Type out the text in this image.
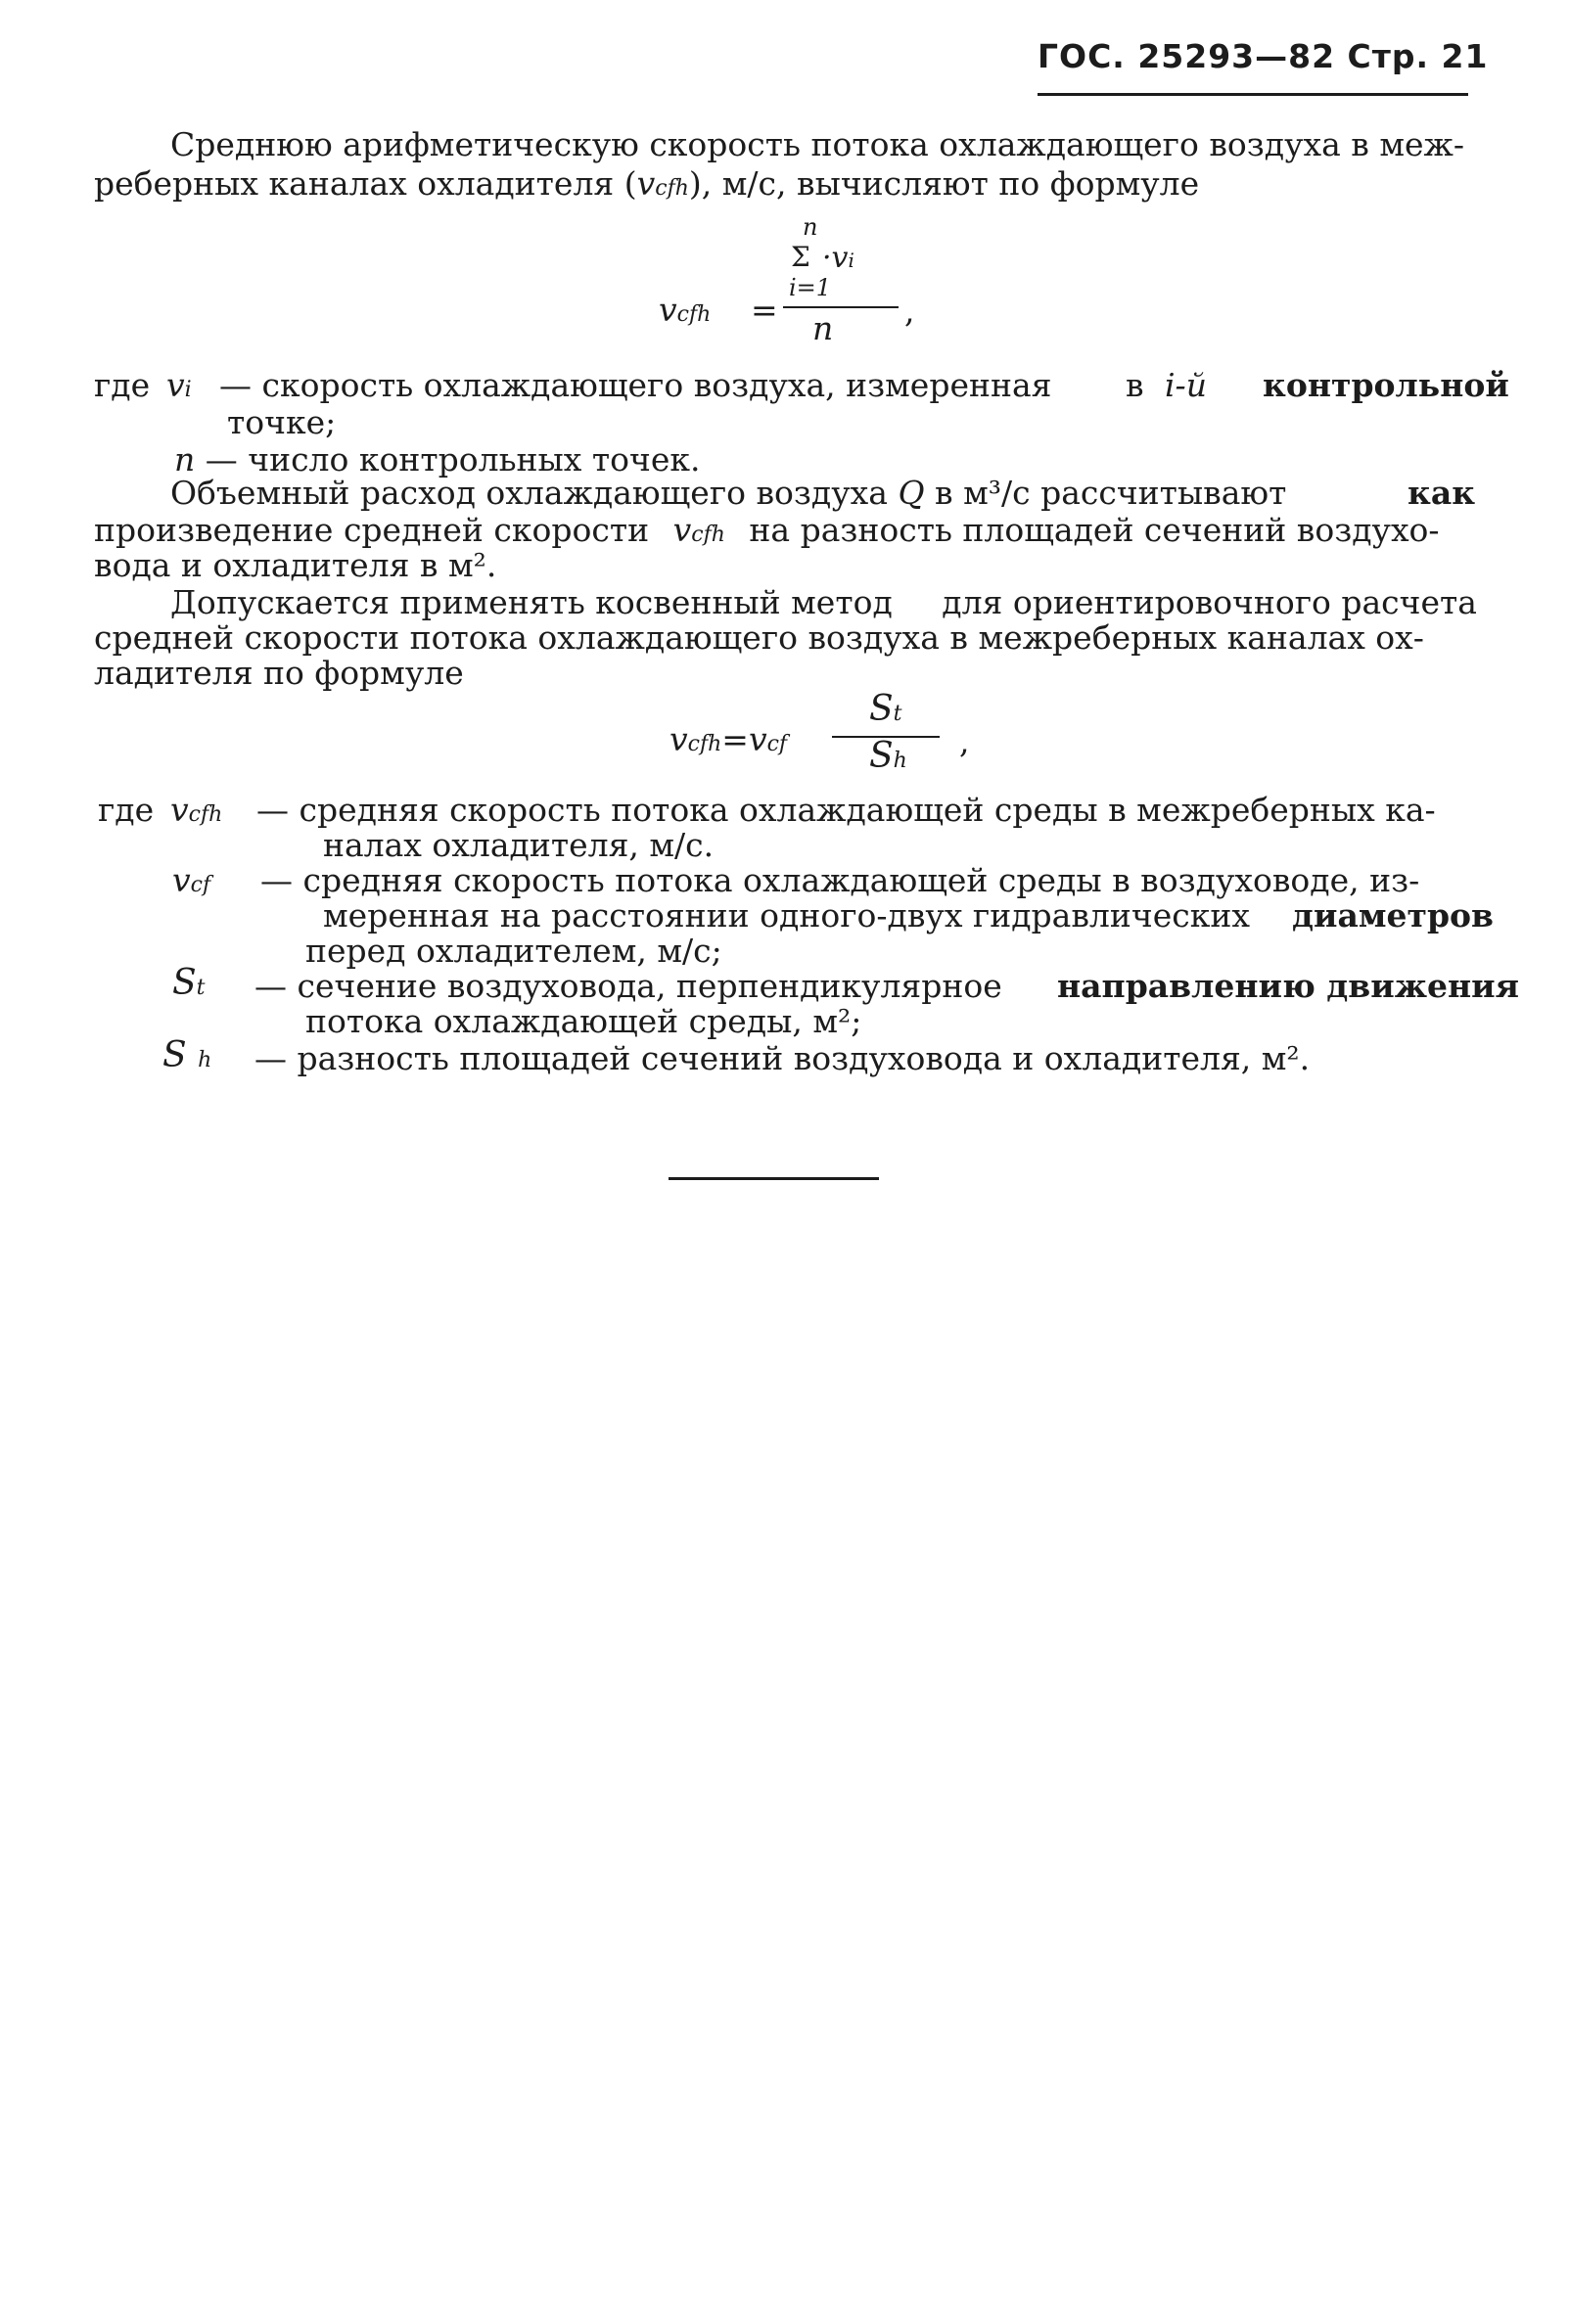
ГОС. 25293—82 Стр. 21
Среднюю арифметическую скорость потока охлаждающего воздуха в меж-
реберных каналах охладителя (vcfh), м/с, вычисляют по формуле
vcfh =
n
Σ ·vi
i=1
n ,
где vi — скорость охлаждающего воздуха, измеренная в i-й контрольной
точке;
n — число контрольных точек.
Объемный расход охлаждающего воздуха Q в м³/с рассчитывают	как
произведение средней скорости vcfh на разность площадей сечений воздухо-
вода и охладителя в м².
Допускается применять косвенный метод для ориентировочного расчета
средней скорости потока охлаждающего воздуха в межреберных каналах ох-
ладителя по формуле
vcfh=vcf
St
Sh
,
где vcfh — средняя скорость потока охлаждающей среды в межреберных ка-
налах охладителя, м/с.
vcf — средняя скорость потока охлаждающей среды в воздуховоде, из-
меренная на расстоянии одного-двух гидравлических диаметров
перед охладителем, м/с;
St — сечение воздуховода, перпендикулярное направлению движения
потока охлаждающей среды, м²;
S h — разность площадей сечений воздуховода и охладителя, м².
